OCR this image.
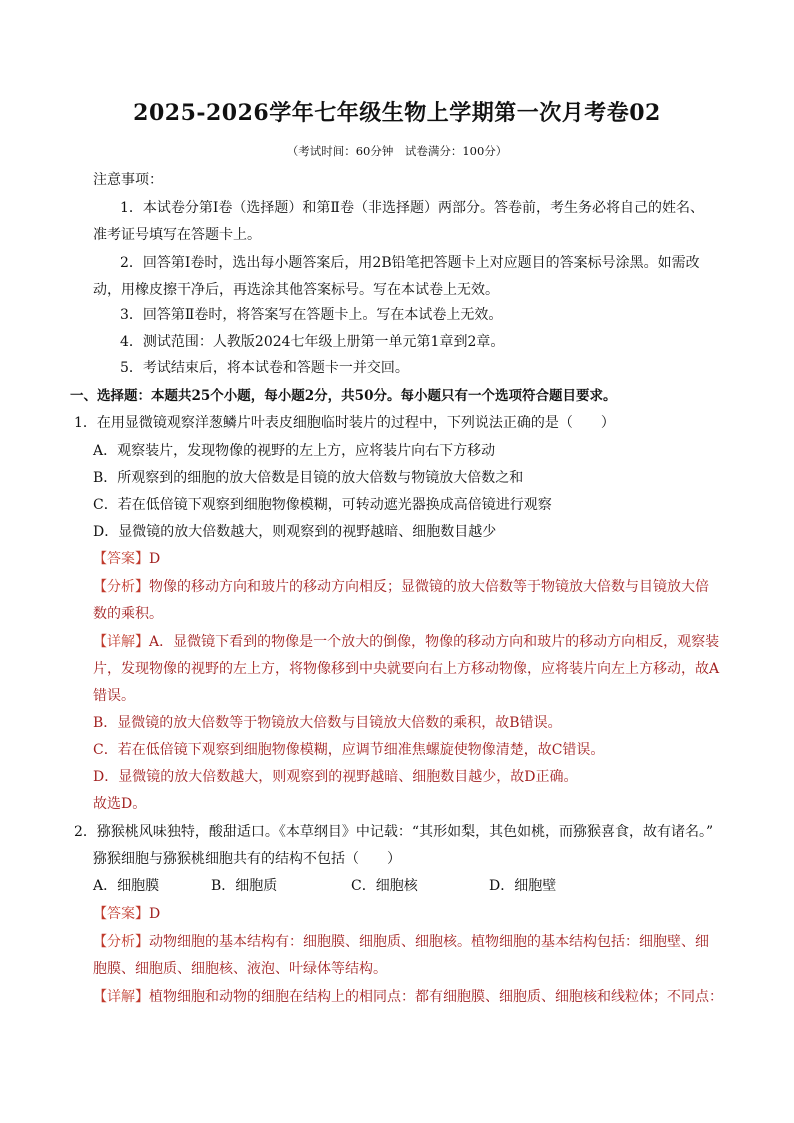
2025-2026学年七年级生物上学期第一次月考卷02
（考试时间：60分钟　试卷满分：100分）
注意事项：
1．本试卷分第Ⅰ卷（选择题）和第Ⅱ卷（非选择题）两部分。答卷前，考生务必将自己的姓名、
准考证号填写在答题卡上。
2．回答第Ⅰ卷时，选出每小题答案后，用2B铅笔把答题卡上对应题目的答案标号涂黑。如需改
动，用橡皮擦干净后，再选涂其他答案标号。写在本试卷上无效。
3．回答第Ⅱ卷时，将答案写在答题卡上。写在本试卷上无效。
4．测试范围：人教版2024七年级上册第一单元第1章到2章。
5．考试结束后，将本试卷和答题卡一并交回。
一、选择题：本题共25个小题，每小题2分，共50分。每小题只有一个选项符合题目要求。
1．在用显微镜观察洋葱鳞片叶表皮细胞临时装片的过程中，下列说法正确的是（　　）
A．观察装片，发现物像的视野的左上方，应将装片向右下方移动
B．所观察到的细胞的放大倍数是目镜的放大倍数与物镜放大倍数之和
C．若在低倍镜下观察到细胞物像模糊，可转动遮光器换成高倍镜进行观察
D．显微镜的放大倍数越大，则观察到的视野越暗、细胞数目越少
【答案】D
【分析】物像的移动方向和玻片的移动方向相反；显微镜的放大倍数等于物镜放大倍数与目镜放大倍
数的乘积。
【详解】A．显微镜下看到的物像是一个放大的倒像，物像的移动方向和玻片的移动方向相反，观察装
片，发现物像的视野的左上方，将物像移到中央就要向右上方移动物像，应将装片向左上方移动，故A
错误。
B．显微镜的放大倍数等于物镜放大倍数与目镜放大倍数的乘积，故B错误。
C．若在低倍镜下观察到细胞物像模糊，应调节细准焦螺旋使物像清楚，故C错误。
D．显微镜的放大倍数越大，则观察到的视野越暗、细胞数目越少，故D正确。
故选D。
2．猕猴桃风味独特，酸甜适口。《本草纲目》中记载：“其形如梨，其色如桃，而猕猴喜食，故有诸名。”
猕猴细胞与猕猴桃细胞共有的结构不包括（　　）
A．细胞膜	B．细胞质	C．细胞核	D．细胞壁
【答案】D
【分析】动物细胞的基本结构有：细胞膜、细胞质、细胞核。植物细胞的基本结构包括：细胞壁、细
胞膜、细胞质、细胞核、液泡、叶绿体等结构。
【详解】植物细胞和动物的细胞在结构上的相同点：都有细胞膜、细胞质、细胞核和线粒体；不同点：
